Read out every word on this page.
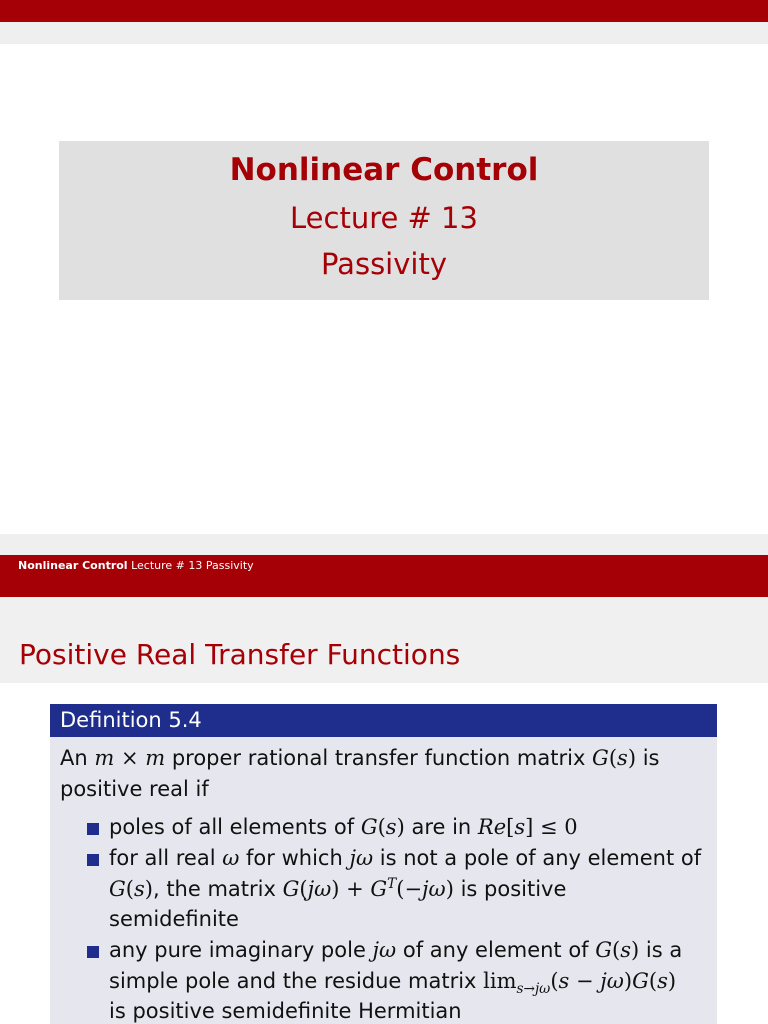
Nonlinear Control
Lecture # 13
Passivity
Nonlinear Control Lecture # 13 Passivity
Positive Real Transfer Functions
Definition 5.4
An m × m proper rational transfer function matrix G(s) is
positive real if
poles of all elements of G(s) are in Re[s] ≤ 0
for all real ω for which jω is not a pole of any element of
G(s), the matrix $G(j\omega) + G^T(-j\omega)$ is positive
semidefinite
any pure imaginary pole jω of any element of G(s) is a
simple pole and the residue matrix $\lim_{s\to j\omega}(s - j\omega)G(s)$
is positive semidefinite Hermitian
